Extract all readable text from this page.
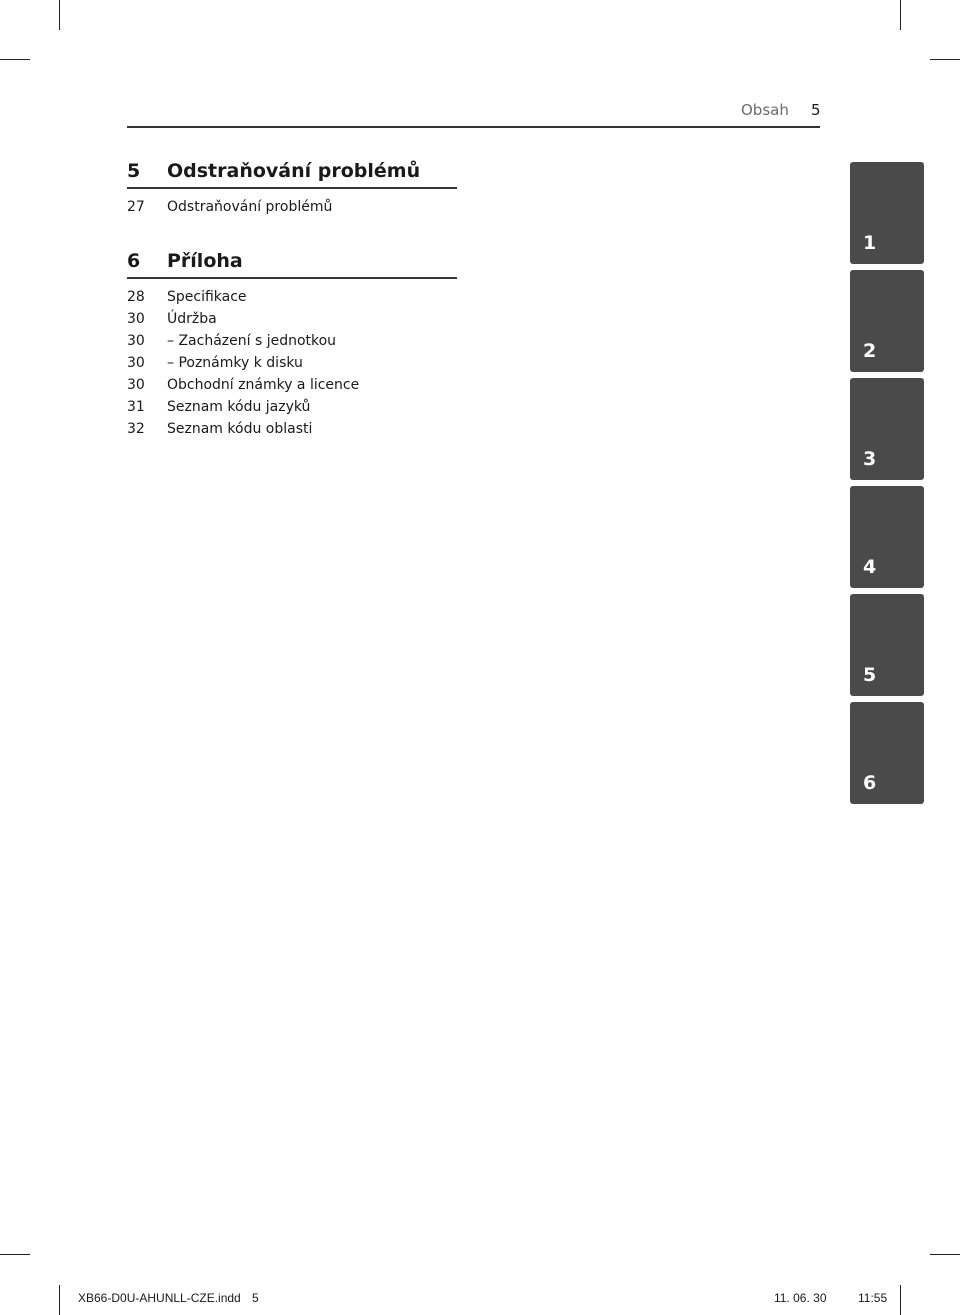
Obsah 5
5 Odstraňování problémů
27 Odstraňování problémů
6 Příloha
28 Specifikace
30 Údržba
30 – Zacházení s jednotkou
30 – Poznámky k disku
30 Obchodní známky a licence
31 Seznam kódu jazyků
32 Seznam kódu oblasti
1
2
3
4
5
6
XB66-D0U-AHUNLL-CZE.indd 5	11. 06. 30	11:55
